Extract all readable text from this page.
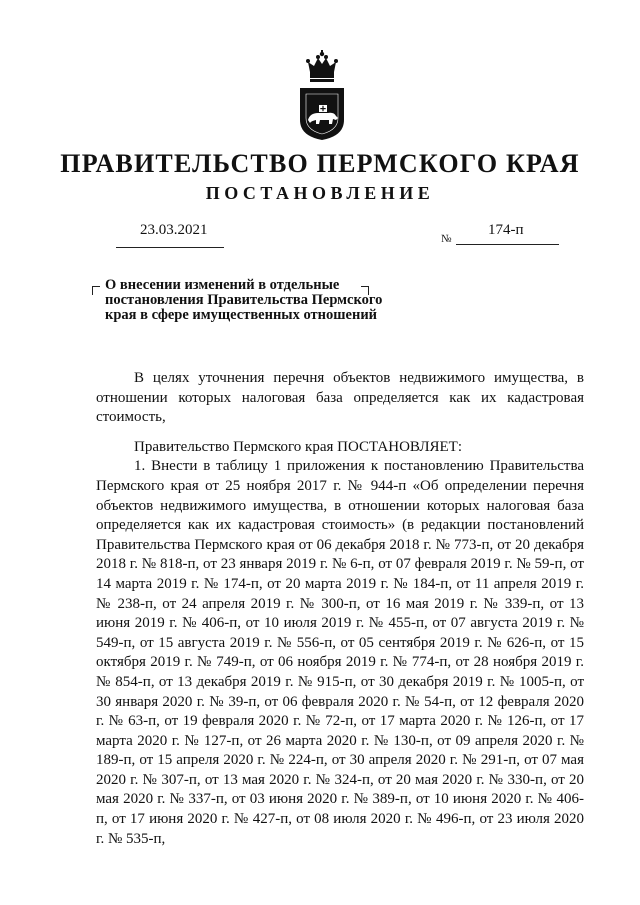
ПРАВИТЕЛЬСТВО ПЕРМСКОГО КРАЯ
ПОСТАНОВЛЕНИЕ
23.03.2021
№
174-п
О внесении изменений в отдельные
постановления Правительства Пермского
края в сфере имущественных отношений

В целях уточнения перечня объектов недвижимого имущества, в отношении которых налоговая база определяется как их кадастровая стоимость,

Правительство Пермского края ПОСТАНОВЛЯЕТ:

1. Внести в таблицу 1 приложения к постановлению Правительства Пермского края от 25 ноября 2017 г. № 944-п «Об определении перечня объектов недвижимого имущества, в отношении которых налоговая база определяется как их кадастровая стоимость» (в редакции постановлений Правительства Пермского края от 06 декабря 2018 г. № 773-п, от 20 декабря 2018 г. № 818-п, от 23 января 2019 г. № 6-п, от 07 февраля 2019 г. № 59-п, от 14 марта 2019 г. № 174-п, от 20 марта 2019 г. № 184-п, от 11 апреля 2019 г. № 238-п, от 24 апреля 2019 г. № 300-п, от 16 мая 2019 г. № 339-п, от 13 июня 2019 г. № 406-п, от 10 июля 2019 г. № 455-п, от 07 августа 2019 г. № 549-п, от 15 августа 2019 г. № 556-п, от 05 сентября 2019 г. № 626-п, от 15 октября 2019 г. № 749-п, от 06 ноября 2019 г. № 774-п, от 28 ноября 2019 г. № 854-п, от 13 декабря 2019 г. № 915-п, от 30 декабря 2019 г. № 1005-п, от 30 января 2020 г. № 39-п, от 06 февраля 2020 г. № 54-п, от 12 февраля 2020 г. № 63-п, от 19 февраля 2020 г. № 72-п, от 17 марта 2020 г. № 126-п, от 17 марта 2020 г. № 127-п, от 26 марта 2020 г. № 130-п, от 09 апреля 2020 г. № 189-п, от 15 апреля 2020 г. № 224-п, от 30 апреля 2020 г. № 291-п, от 07 мая 2020 г. № 307-п, от 13 мая 2020 г. № 324-п, от 20 мая 2020 г. № 330-п, от 20 мая 2020 г. № 337-п, от 03 июня 2020 г. № 389-п, от 10 июня 2020 г. № 406-п, от 17 июня 2020 г. № 427-п, от 08 июля 2020 г. № 496-п, от 23 июля 2020 г. № 535-п,
